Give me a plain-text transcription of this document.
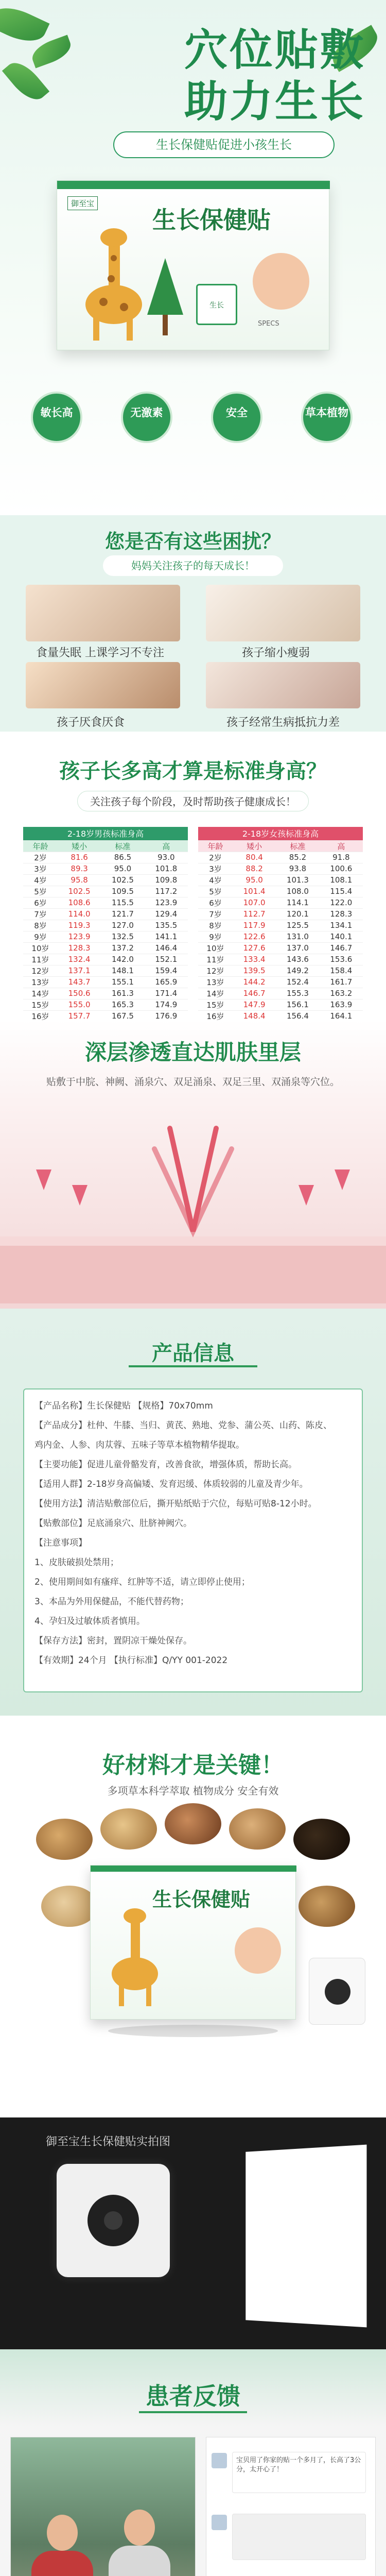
穴位贴敷
助力生长
生长保健贴促进小孩生长
御至宝
生长保健贴
生长
SPECS
敏长高	无激素	安全	草本植物
您是否有这些困扰？
妈妈关注孩子的每天成长！
食量失眠 上课学习不专注	孩子缩小瘦弱
孩子厌食厌食	孩子经常生病抵抗力差
孩子长多高才算是标准身高？
关注孩子每个阶段，及时帮助孩子健康成长！
2-18岁男孩标准身高			
年龄	矮小	标准	高
2岁	81.6	86.5	93.0
3岁	89.3	95.0	101.8
4岁	95.8	102.5	109.8
5岁	102.5	109.5	117.2
6岁	108.6	115.5	123.9
7岁	114.0	121.7	129.4
8岁	119.3	127.0	135.5
9岁	123.9	132.5	141.1
10岁	128.3	137.2	146.4
11岁	132.4	142.0	152.1
12岁	137.1	148.1	159.4
13岁	143.7	155.1	165.9
14岁	150.6	161.3	171.4
15岁	155.0	165.3	174.9
16岁	157.7	167.5	176.9

2-18岁女孩标准身高			
年龄	矮小	标准	高
2岁	80.4	85.2	91.8
3岁	88.2	93.8	100.6
4岁	95.0	101.3	108.1
5岁	101.4	108.0	115.4
6岁	107.0	114.1	122.0
7岁	112.7	120.1	128.3
8岁	117.9	125.5	134.1
9岁	122.6	131.0	140.1
10岁	127.6	137.0	146.7
11岁	133.4	143.6	153.6
12岁	139.5	149.2	158.4
13岁	144.2	152.4	161.7
14岁	146.7	155.3	163.2
15岁	147.9	156.1	163.9
16岁	148.4	156.4	164.1

深层渗透直达肌肤里层
贴敷于中脘、神阙、涌泉穴、双足涌泉、双足三里、双涌泉等穴位。
产品信息
【产品名称】生长保健贴 【规格】70x70mm
【产品成分】杜仲、牛膝、当归、黄芪、熟地、党参、蒲公英、山药、陈皮、
鸡内金、人参、肉苁蓉、五味子等草本植物精华提取。
【主要功能】促进儿童骨骼发育，改善食欲，增强体质，帮助长高。
【适用人群】2-18岁身高偏矮、发育迟缓、体质较弱的儿童及青少年。
【使用方法】清洁贴敷部位后，撕开贴纸贴于穴位，每贴可贴8-12小时。
【贴敷部位】足底涌泉穴、肚脐神阙穴。
【注意事项】
1、皮肤破损处禁用；
2、使用期间如有瘙痒、红肿等不适，请立即停止使用；
3、本品为外用保健品，不能代替药物；
4、孕妇及过敏体质者慎用。
【保存方法】密封，置阴凉干燥处保存。
【有效期】24个月 【执行标准】Q/YY 001-2022
好材料才是关键！
多项草本科学萃取 植物成分 安全有效
生长保健贴
御至宝生长保健贴实拍图
患者反馈
宝贝用了你家的贴一个多月了，长高了3公分，太开心了！
